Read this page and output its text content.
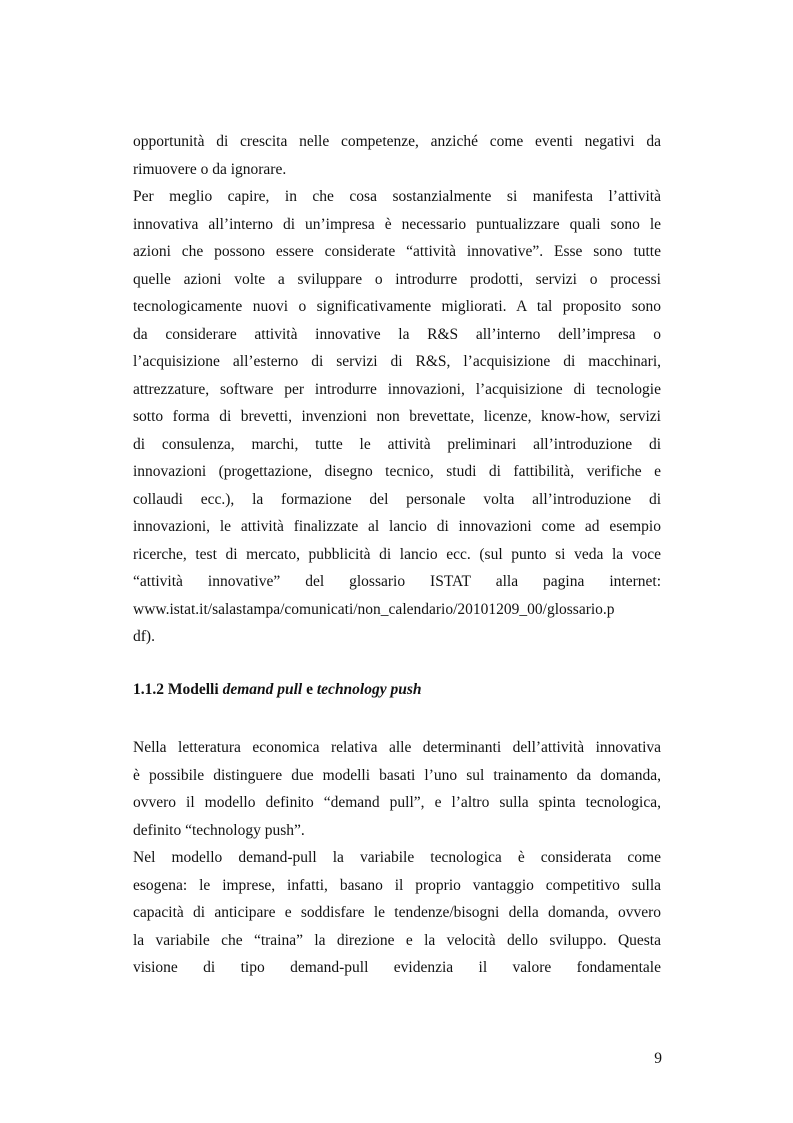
opportunità di crescita nelle competenze, anziché come eventi negativi da
rimuovere o da ignorare.
Per meglio capire, in che cosa sostanzialmente si manifesta l’attività
innovativa all’interno di un’impresa è necessario puntualizzare quali sono le
azioni che possono essere considerate “attività innovative”. Esse sono tutte
quelle azioni volte a sviluppare o introdurre prodotti, servizi o processi
tecnologicamente nuovi o significativamente migliorati. A tal proposito sono
da considerare attività innovative la R&S all’interno dell’impresa o
l’acquisizione all’esterno di servizi di R&S, l’acquisizione di macchinari,
attrezzature, software per introdurre innovazioni, l’acquisizione di tecnologie
sotto forma di brevetti, invenzioni non brevettate, licenze, know-how, servizi
di consulenza, marchi, tutte le attività preliminari all’introduzione di
innovazioni (progettazione, disegno tecnico, studi di fattibilità, verifiche e
collaudi ecc.), la formazione del personale volta all’introduzione di
innovazioni, le attività finalizzate al lancio di innovazioni come ad esempio
ricerche, test di mercato, pubblicità di lancio ecc. (sul punto si veda la voce
“attività innovative” del glossario ISTAT alla pagina internet:
www.istat.it/salastampa/comunicati/non_calendario/20101209_00/glossario.p
df).
1.1.2 Modelli demand pull e technology push
Nella letteratura economica relativa alle determinanti dell’attività innovativa
è possibile distinguere due modelli basati l’uno sul trainamento da domanda,
ovvero il modello definito “demand pull”, e l’altro sulla spinta tecnologica,
definito “technology push”.
Nel modello demand-pull la variabile tecnologica è considerata come
esogena: le imprese, infatti, basano il proprio vantaggio competitivo sulla
capacità di anticipare e soddisfare le tendenze/bisogni della domanda, ovvero
la variabile che “traina” la direzione e la velocità dello sviluppo. Questa
visione di tipo demand-pull evidenzia il valore fondamentale
9
